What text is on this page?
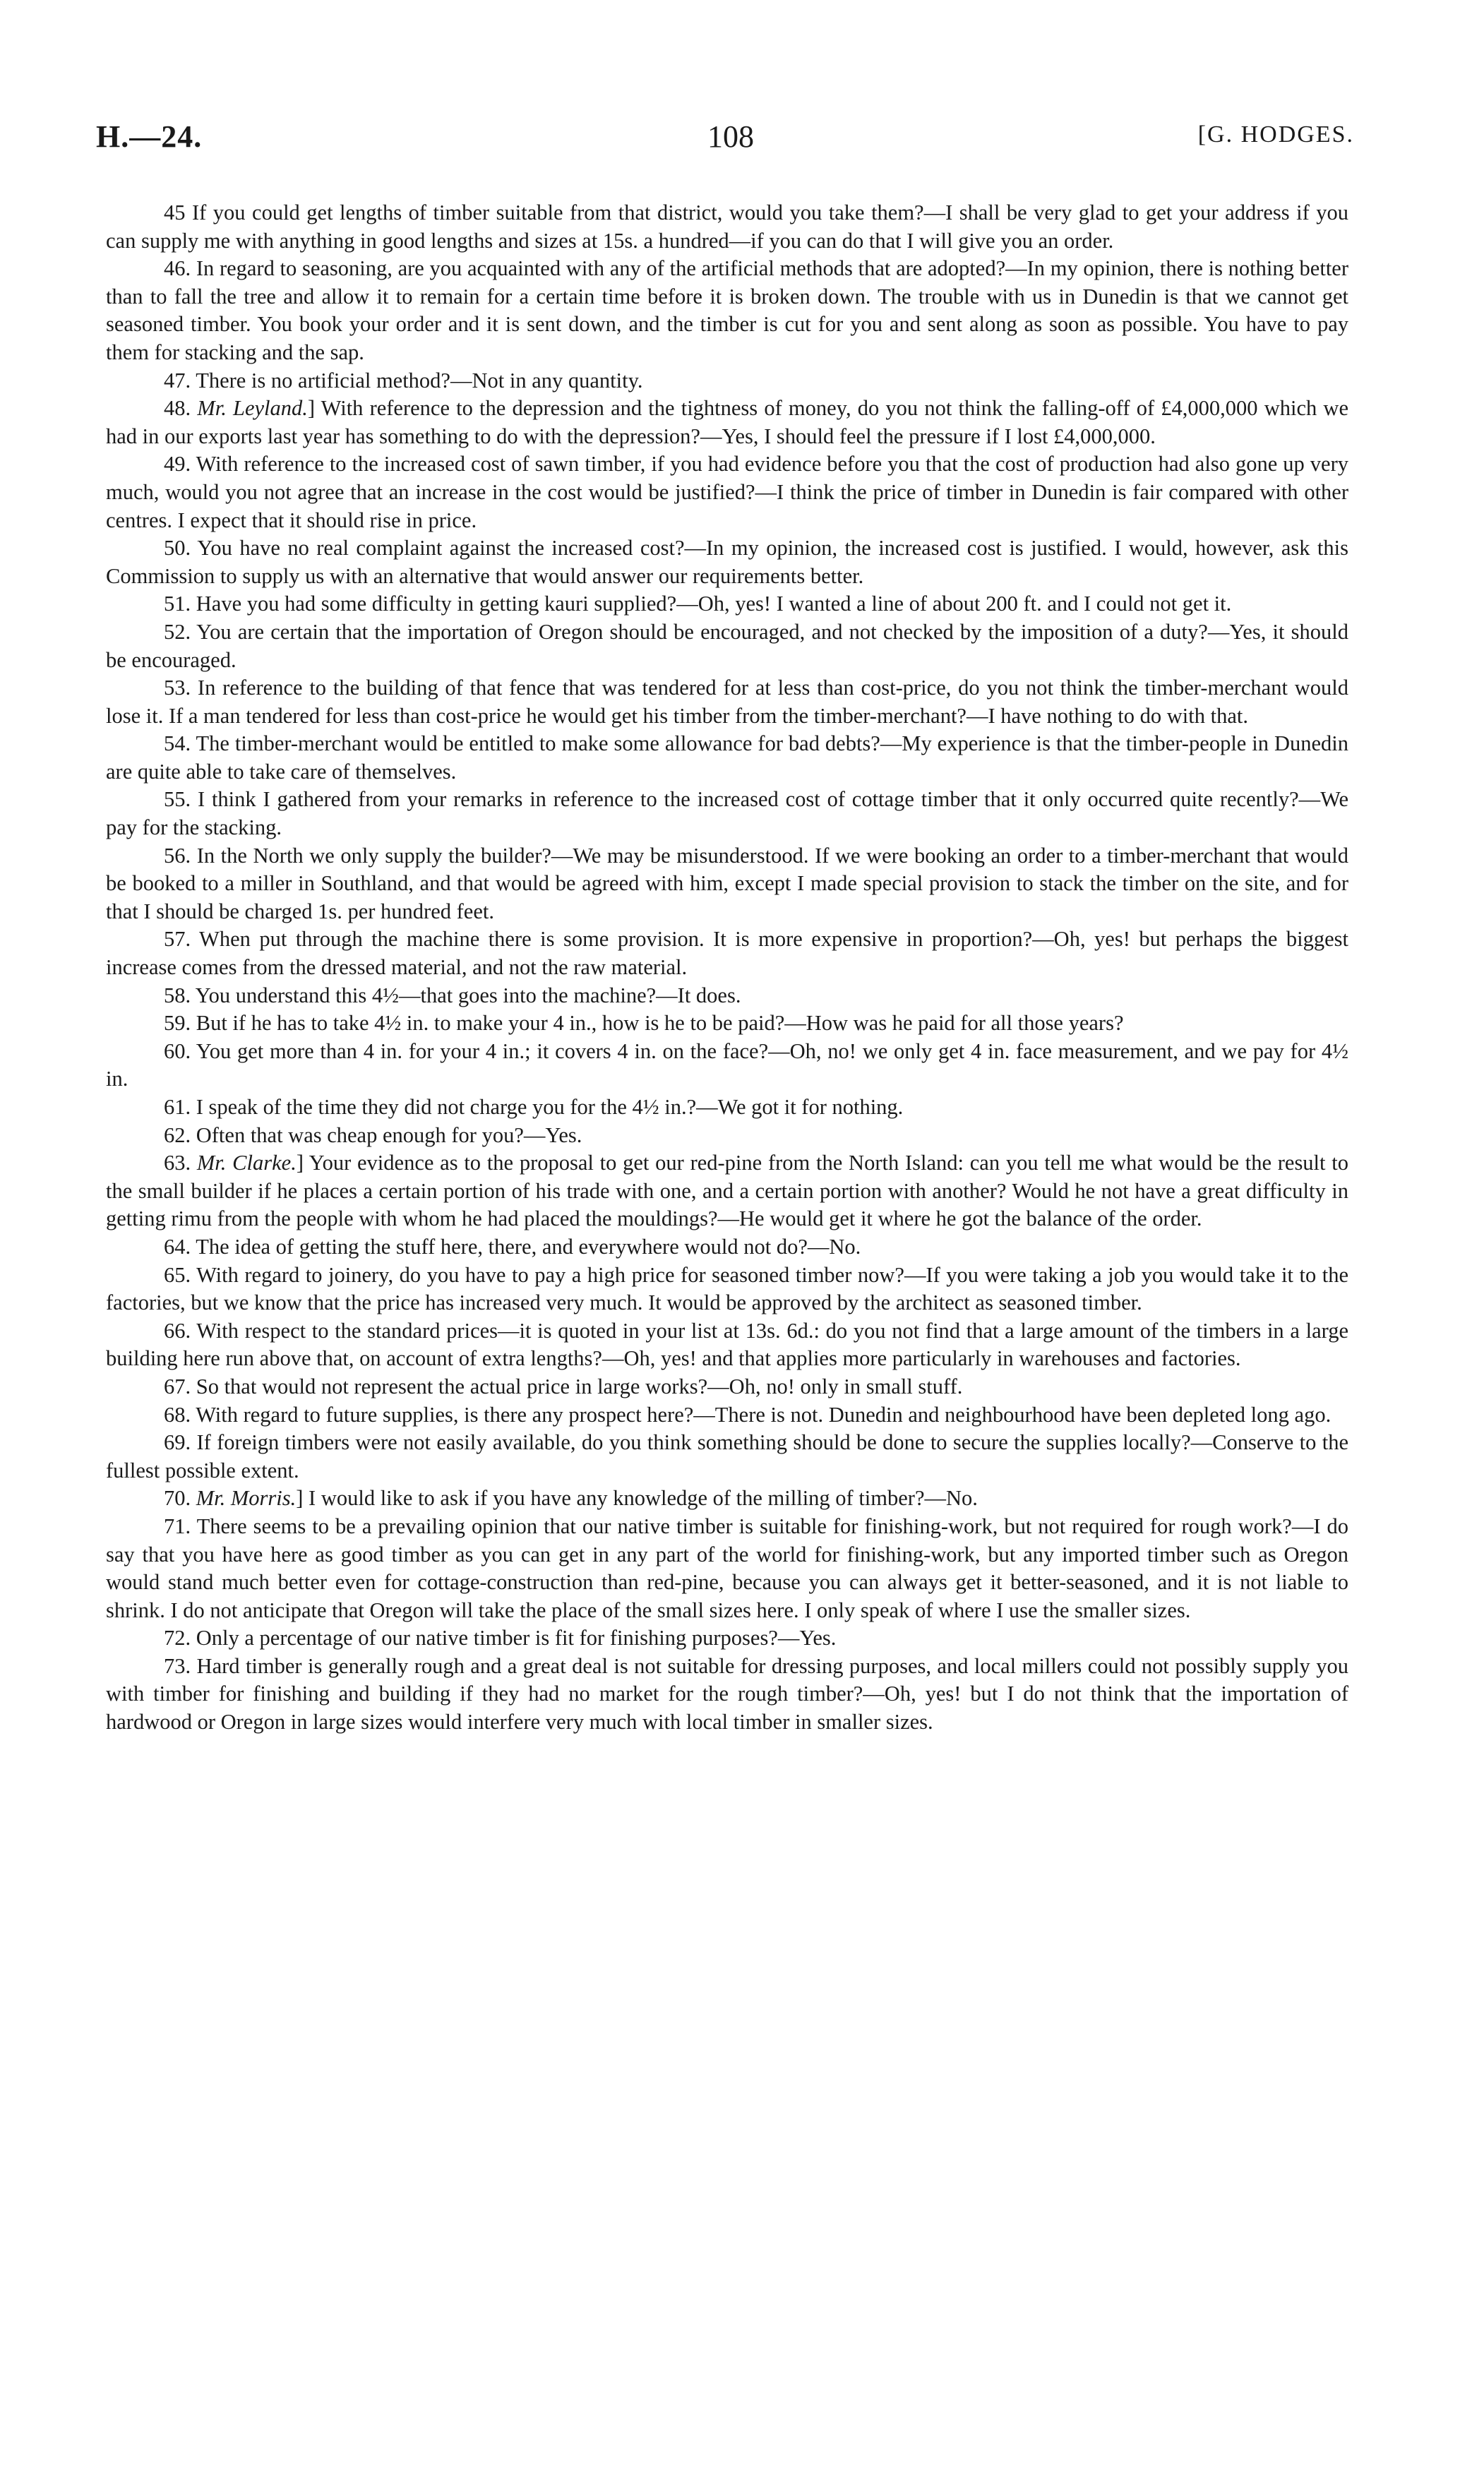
H.—24.	108	[G. HODGES.

45 If you could get lengths of timber suitable from that district, would you take them?—I shall be very glad to get your address if you can supply me with anything in good lengths and sizes at 15s. a hundred—if you can do that I will give you an order.

46. In regard to seasoning, are you acquainted with any of the artificial methods that are adopted?—In my opinion, there is nothing better than to fall the tree and allow it to remain for a certain time before it is broken down. The trouble with us in Dunedin is that we cannot get seasoned timber. You book your order and it is sent down, and the timber is cut for you and sent along as soon as possible. You have to pay them for stacking and the sap.

47. There is no artificial method?—Not in any quantity.

48. Mr. Leyland.] With reference to the depression and the tightness of money, do you not think the falling-off of £4,000,000 which we had in our exports last year has something to do with the depression?—Yes, I should feel the pressure if I lost £4,000,000.

49. With reference to the increased cost of sawn timber, if you had evidence before you that the cost of production had also gone up very much, would you not agree that an increase in the cost would be justified?—I think the price of timber in Dunedin is fair compared with other centres. I expect that it should rise in price.

50. You have no real complaint against the increased cost?—In my opinion, the increased cost is justified. I would, however, ask this Commission to supply us with an alternative that would answer our requirements better.

51. Have you had some difficulty in getting kauri supplied?—Oh, yes! I wanted a line of about 200 ft. and I could not get it.

52. You are certain that the importation of Oregon should be encouraged, and not checked by the imposition of a duty?—Yes, it should be encouraged.

53. In reference to the building of that fence that was tendered for at less than cost-price, do you not think the timber-merchant would lose it. If a man tendered for less than cost-price he would get his timber from the timber-merchant?—I have nothing to do with that.

54. The timber-merchant would be entitled to make some allowance for bad debts?—My experience is that the timber-people in Dunedin are quite able to take care of themselves.

55. I think I gathered from your remarks in reference to the increased cost of cottage timber that it only occurred quite recently?—We pay for the stacking.

56. In the North we only supply the builder?—We may be misunderstood. If we were booking an order to a timber-merchant that would be booked to a miller in Southland, and that would be agreed with him, except I made special provision to stack the timber on the site, and for that I should be charged 1s. per hundred feet.

57. When put through the machine there is some provision. It is more expensive in proportion?—Oh, yes! but perhaps the biggest increase comes from the dressed material, and not the raw material.

58. You understand this 4½—that goes into the machine?—It does.

59. But if he has to take 4½ in. to make your 4 in., how is he to be paid?—How was he paid for all those years?

60. You get more than 4 in. for your 4 in.; it covers 4 in. on the face?—Oh, no! we only get 4 in. face measurement, and we pay for 4½ in.

61. I speak of the time they did not charge you for the 4½ in.?—We got it for nothing.

62. Often that was cheap enough for you?—Yes.

63. Mr. Clarke.] Your evidence as to the proposal to get our red-pine from the North Island: can you tell me what would be the result to the small builder if he places a certain portion of his trade with one, and a certain portion with another? Would he not have a great difficulty in getting rimu from the people with whom he had placed the mouldings?—He would get it where he got the balance of the order.

64. The idea of getting the stuff here, there, and everywhere would not do?—No.

65. With regard to joinery, do you have to pay a high price for seasoned timber now?—If you were taking a job you would take it to the factories, but we know that the price has increased very much. It would be approved by the architect as seasoned timber.

66. With respect to the standard prices—it is quoted in your list at 13s. 6d.: do you not find that a large amount of the timbers in a large building here run above that, on account of extra lengths?—Oh, yes! and that applies more particularly in warehouses and factories.

67. So that would not represent the actual price in large works?—Oh, no! only in small stuff.

68. With regard to future supplies, is there any prospect here?—There is not. Dunedin and neighbourhood have been depleted long ago.

69. If foreign timbers were not easily available, do you think something should be done to secure the supplies locally?—Conserve to the fullest possible extent.

70. Mr. Morris.] I would like to ask if you have any knowledge of the milling of timber?—No.

71. There seems to be a prevailing opinion that our native timber is suitable for finishing-work, but not required for rough work?—I do say that you have here as good timber as you can get in any part of the world for finishing-work, but any imported timber such as Oregon would stand much better even for cottage-construction than red-pine, because you can always get it better-seasoned, and it is not liable to shrink. I do not anticipate that Oregon will take the place of the small sizes here. I only speak of where I use the smaller sizes.

72. Only a percentage of our native timber is fit for finishing purposes?—Yes.

73. Hard timber is generally rough and a great deal is not suitable for dressing purposes, and local millers could not possibly supply you with timber for finishing and building if they had no market for the rough timber?—Oh, yes! but I do not think that the importation of hardwood or Oregon in large sizes would interfere very much with local timber in smaller sizes.
